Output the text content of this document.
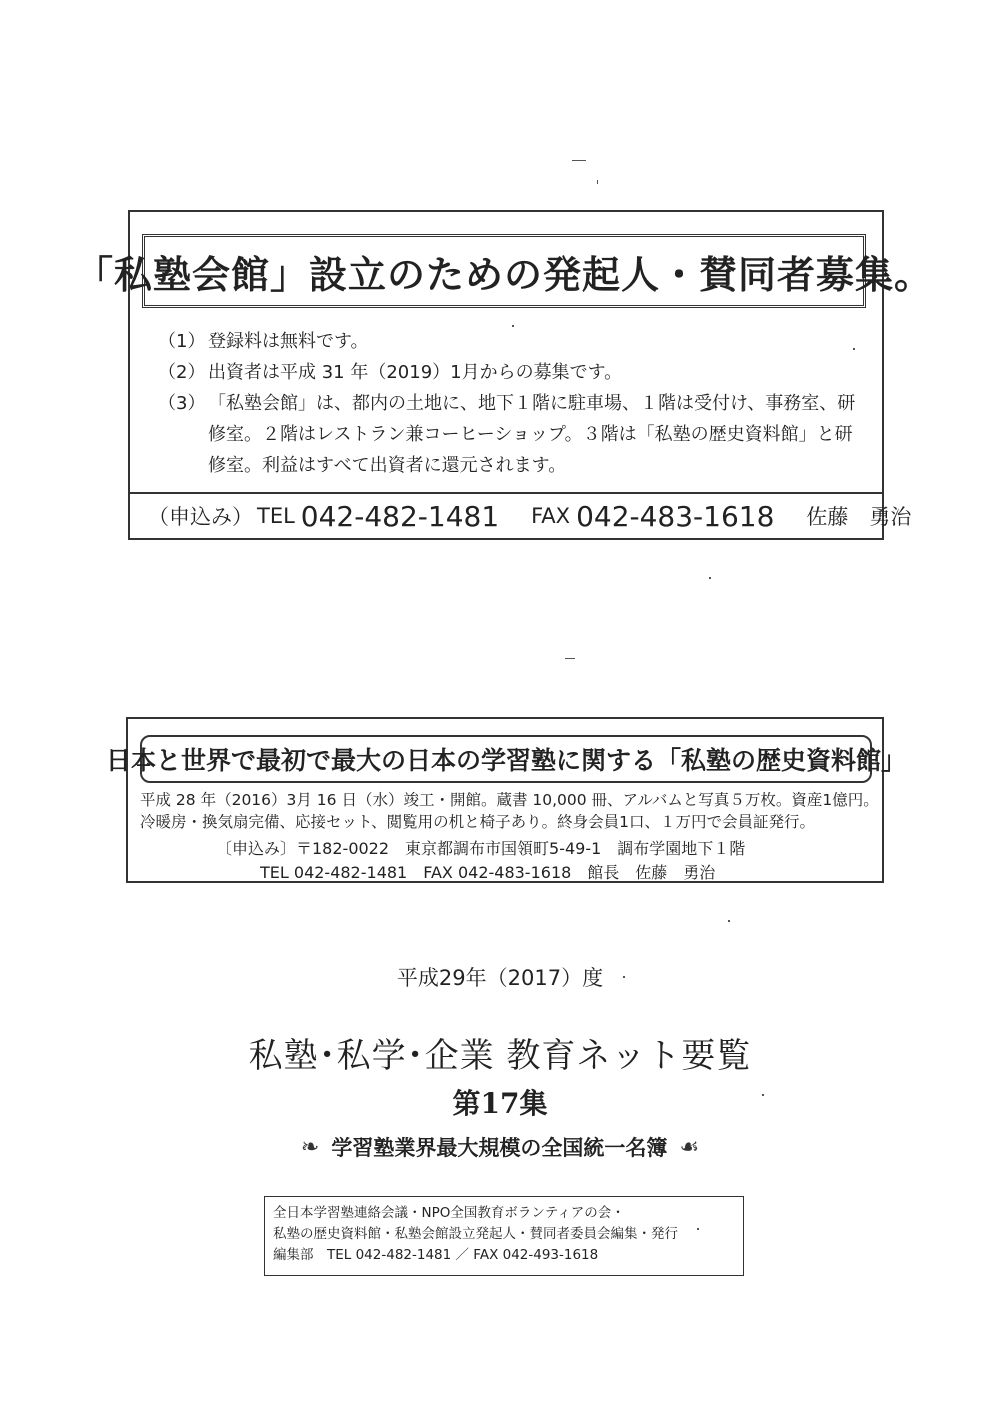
「私塾会館」設立のための発起人・賛同者募集。
（1） 登録料は無料です。
（2） 出資者は平成 31 年（2019）1月からの募集です。
（3） 「私塾会館」は、都内の土地に、地下１階に駐車場、１階は受付け、事務室、研修室。２階はレストラン兼コーヒーショップ。３階は「私塾の歴史資料館」と研修室。利益はすべて出資者に還元されます。
（申込み） TEL 042-482-1481 FAX 042-483-1618 佐藤　勇治
日本と世界で最初で最大の日本の学習塾に関する「私塾の歴史資料館」
平成 28 年（2016）3月 16 日（水）竣工・開館。蔵書 10,000 冊、アルバムと写真５万枚。資産1億円。
冷暖房・換気扇完備、応接セット、閲覧用の机と椅子あり。終身会員1口、１万円で会員証発行。
〔申込み〕〒182-0022　東京都調布市国領町5-49-1　調布学園地下１階
TEL 042-482-1481　FAX 042-483-1618　館長　佐藤　勇治
平成29年（2017）度
私塾･私学･企業 教育ネット要覧
第17集
❧ 学習塾業界最大規模の全国統一名簿 ☙
全日本学習塾連絡会議・NPO全国教育ボランティアの会・
私塾の歴史資料館・私塾会館設立発起人・賛同者委員会編集・発行
編集部　TEL 042-482-1481 ／ FAX 042-493-1618
